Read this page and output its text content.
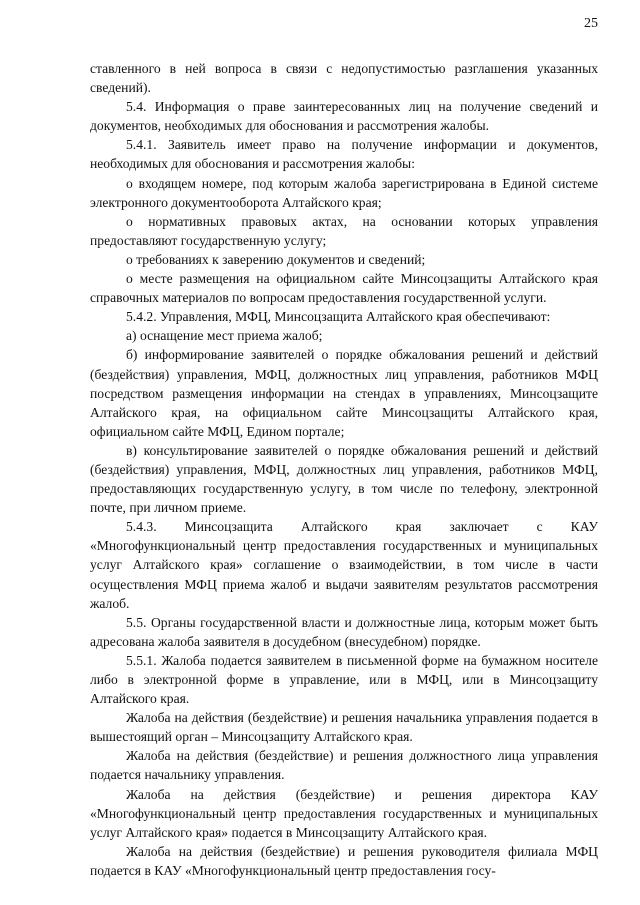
25

ставленного в ней вопроса в связи с недопустимостью разглашения указанных сведений).

5.4. Информация о праве заинтересованных лиц на получение сведений и документов, необходимых для обоснования и рассмотрения жалобы.

5.4.1. Заявитель имеет право на получение информации и документов, необходимых для обоснования и рассмотрения жалобы:

о входящем номере, под которым жалоба зарегистрирована в Единой системе электронного документооборота Алтайского края;

о нормативных правовых актах, на основании которых управления предоставляют государственную услугу;

о требованиях к заверению документов и сведений;

о месте размещения на официальном сайте Минсоцзащиты Алтайского края справочных материалов по вопросам предоставления государственной услуги.

5.4.2. Управления, МФЦ, Минсоцзащита Алтайского края обеспечивают:

а) оснащение мест приема жалоб;

б) информирование заявителей о порядке обжалования решений и действий (бездействия) управления, МФЦ, должностных лиц управления, работников МФЦ посредством размещения информации на стендах в управлениях, Минсоцзащите Алтайского края, на официальном сайте Минсоцзащиты Алтайского края, официальном сайте МФЦ, Едином портале;

в) консультирование заявителей о порядке обжалования решений и действий (бездействия) управления, МФЦ, должностных лиц управления, работников МФЦ, предоставляющих государственную услугу, в том числе по телефону, электронной почте, при личном приеме.

5.4.3. Минсоцзащита Алтайского края заключает с КАУ «Многофункциональный центр предоставления государственных и муниципальных услуг Алтайского края» соглашение о взаимодействии, в том числе в части осуществления МФЦ приема жалоб и выдачи заявителям результатов рассмотрения жалоб.

5.5. Органы государственной власти и должностные лица, которым может быть адресована жалоба заявителя в досудебном (внесудебном) порядке.

5.5.1. Жалоба подается заявителем в письменной форме на бумажном носителе либо в электронной форме в управление, или в МФЦ, или в Минсоцзащиту Алтайского края.

Жалоба на действия (бездействие) и решения начальника управления подается в вышестоящий орган – Минсоцзащиту Алтайского края.

Жалоба на действия (бездействие) и решения должностного лица управления подается начальнику управления.

Жалоба на действия (бездействие) и решения директора КАУ «Многофункциональный центр предоставления государственных и муниципальных услуг Алтайского края» подается в Минсоцзащиту Алтайского края.

Жалоба на действия (бездействие) и решения руководителя филиала МФЦ подается в КАУ «Многофункциональный центр предоставления госу-
